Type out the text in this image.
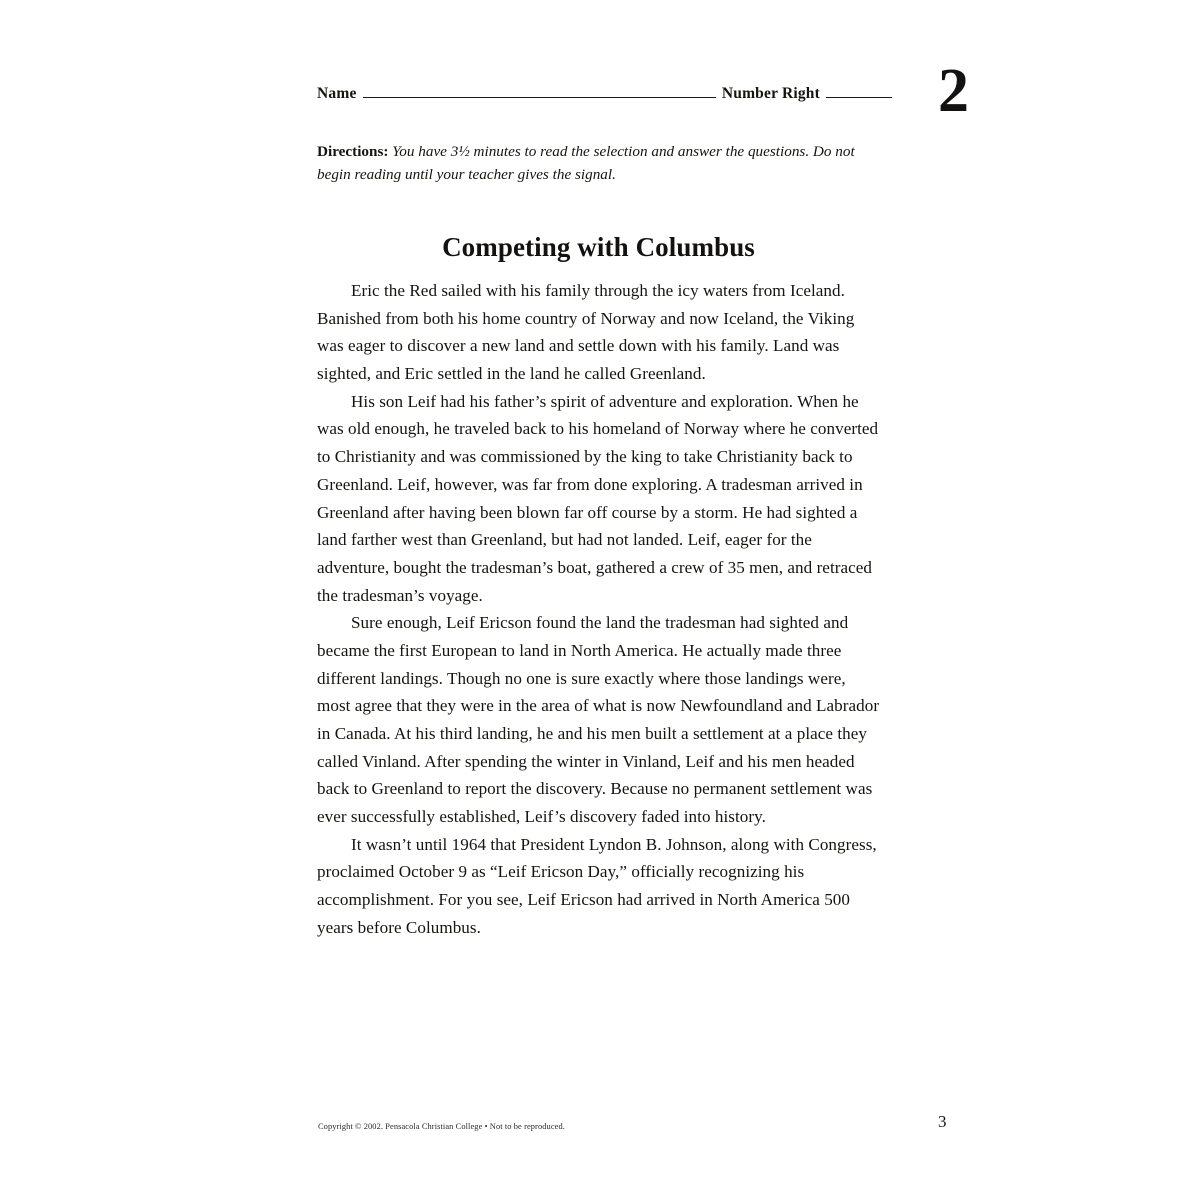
Name	Number Right 2
Directions: You have 3½ minutes to read the selection and answer the questions. Do not begin reading until your teacher gives the signal.
Competing with Columbus

Eric the Red sailed with his family through the icy waters from Iceland. Banished from both his home country of Norway and now Iceland, the Viking was eager to discover a new land and settle down with his family. Land was sighted, and Eric settled in the land he called Greenland.

His son Leif had his father’s spirit of adventure and exploration. When he was old enough, he traveled back to his homeland of Norway where he converted to Christianity and was commissioned by the king to take Christianity back to Greenland. Leif, however, was far from done exploring. A tradesman arrived in Greenland after having been blown far off course by a storm. He had sighted a land farther west than Greenland, but had not landed. Leif, eager for the adventure, bought the tradesman’s boat, gathered a crew of 35 men, and retraced the tradesman’s voyage.

Sure enough, Leif Ericson found the land the tradesman had sighted and became the first European to land in North America. He actually made three different landings. Though no one is sure exactly where those landings were, most agree that they were in the area of what is now Newfoundland and Labrador in Canada. At his third landing, he and his men built a settlement at a place they called Vinland. After spending the winter in Vinland, Leif and his men headed back to Greenland to report the discovery. Because no permanent settlement was ever successfully established, Leif’s discovery faded into history.

It wasn’t until 1964 that President Lyndon B. Johnson, along with Congress, proclaimed October 9 as “Leif Ericson Day,” officially recognizing his accomplishment. For you see, Leif Ericson had arrived in North America 500 years before Columbus.

Copyright © 2002. Pensacola Christian College • Not to be reproduced.	3
